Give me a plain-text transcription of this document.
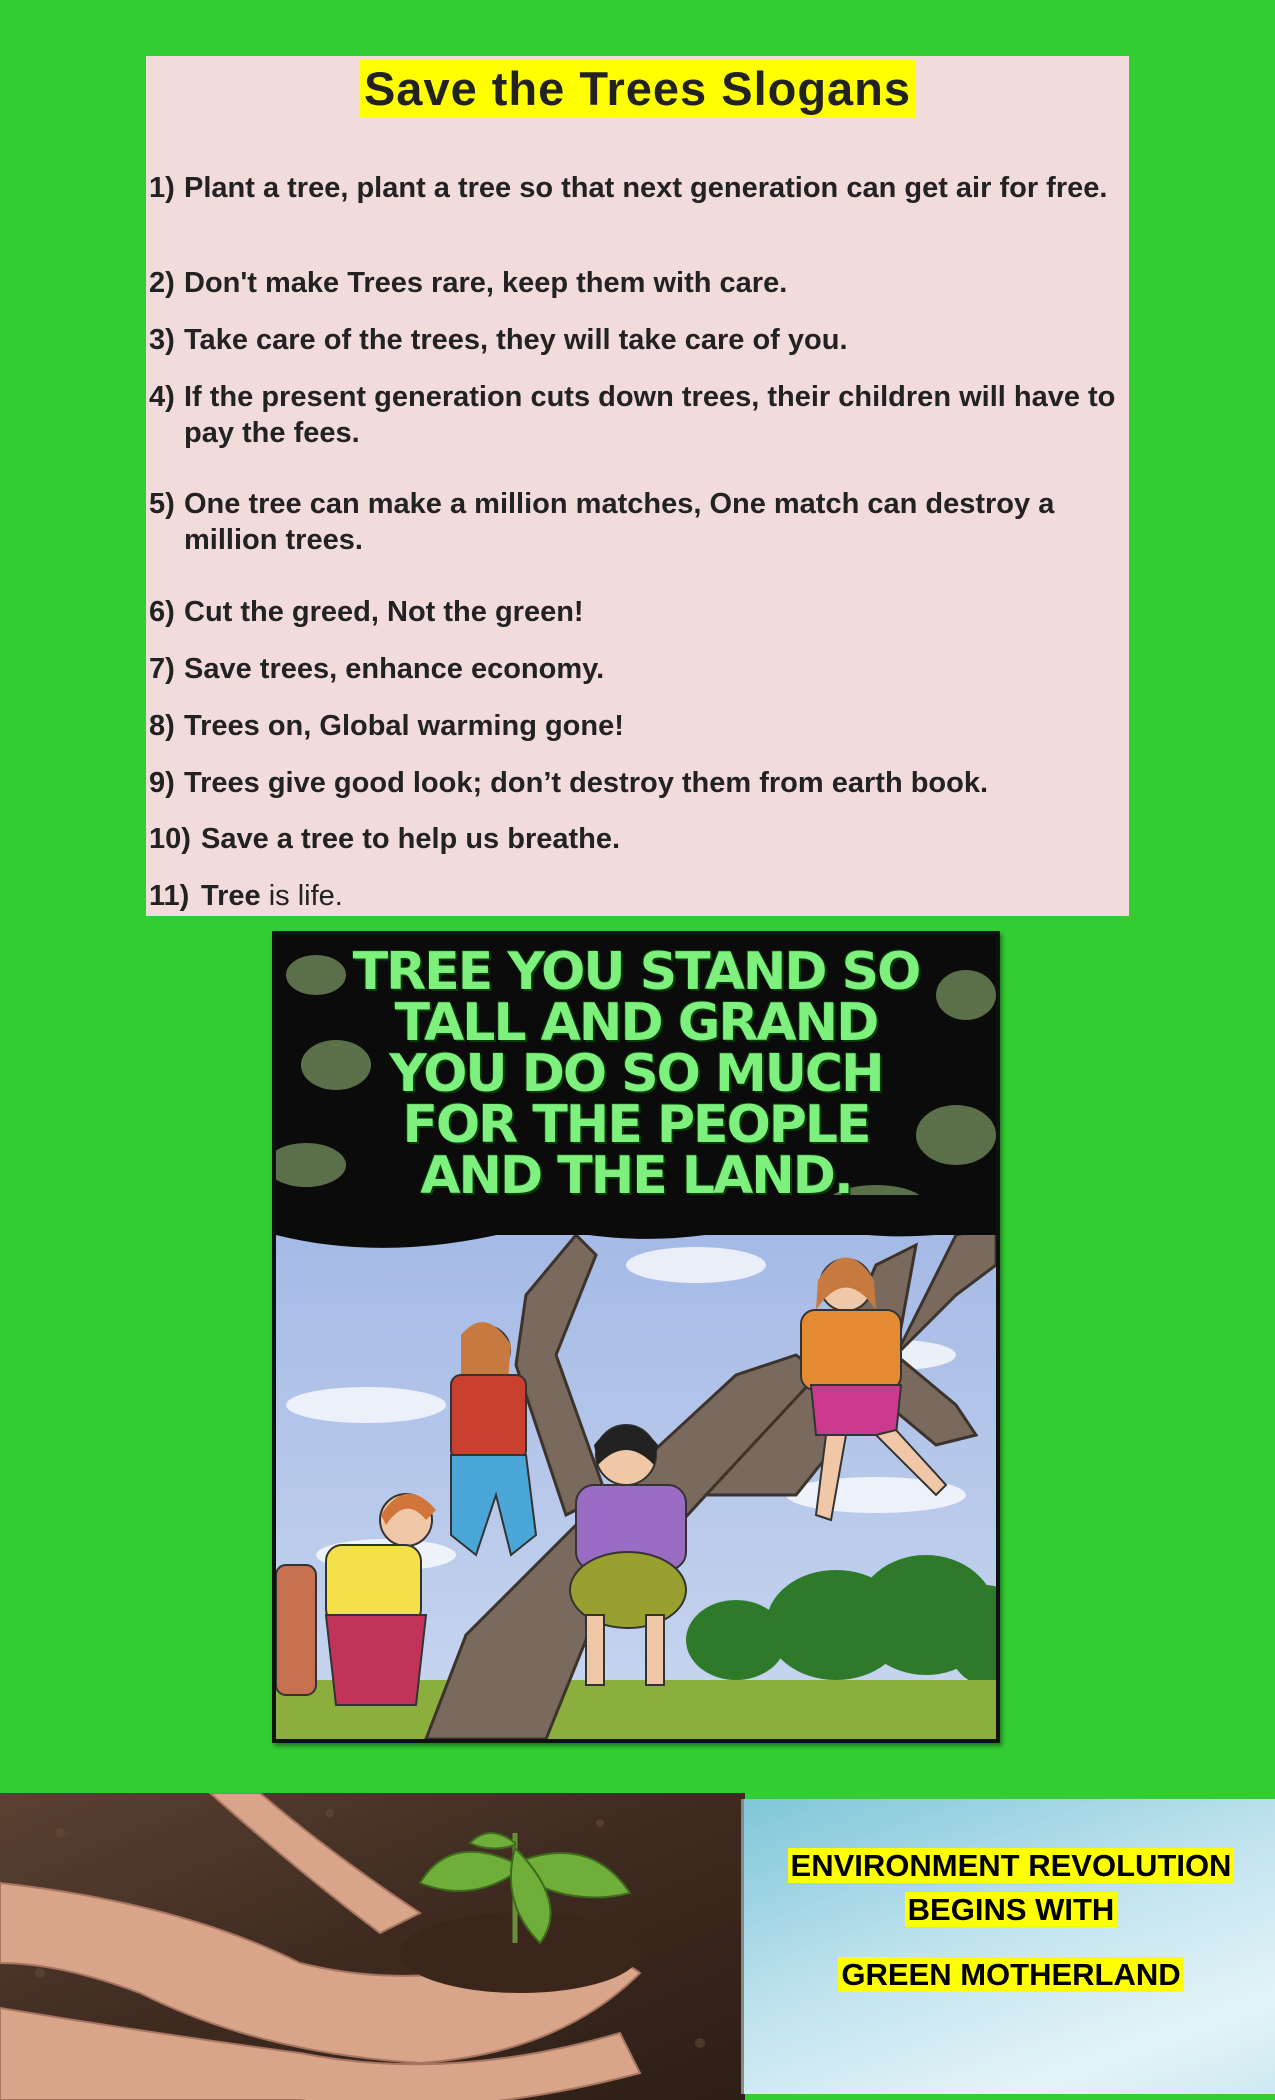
Save the Trees Slogans
1) Plant a tree, plant a tree so that next generation can get air for free.
2) Don't make Trees rare, keep them with care.
3) Take care of the trees, they will take care of you.
4) If the present generation cuts down trees, their children will have to pay the fees.
5) One tree can make a million matches, One match can destroy a million trees.
6) Cut the greed, Not the green!
7) Save trees, enhance economy.
8) Trees on, Global warming gone!
9) Trees give good look; don’t destroy them from earth book.
10) Save a tree to help us breathe.
11) Tree is life.
TREE YOU STAND SO
TALL AND GRAND
YOU DO SO MUCH
FOR THE PEOPLE
AND THE LAND.
ENVIRONMENT REVOLUTION
BEGINS WITH
GREEN MOTHERLAND
